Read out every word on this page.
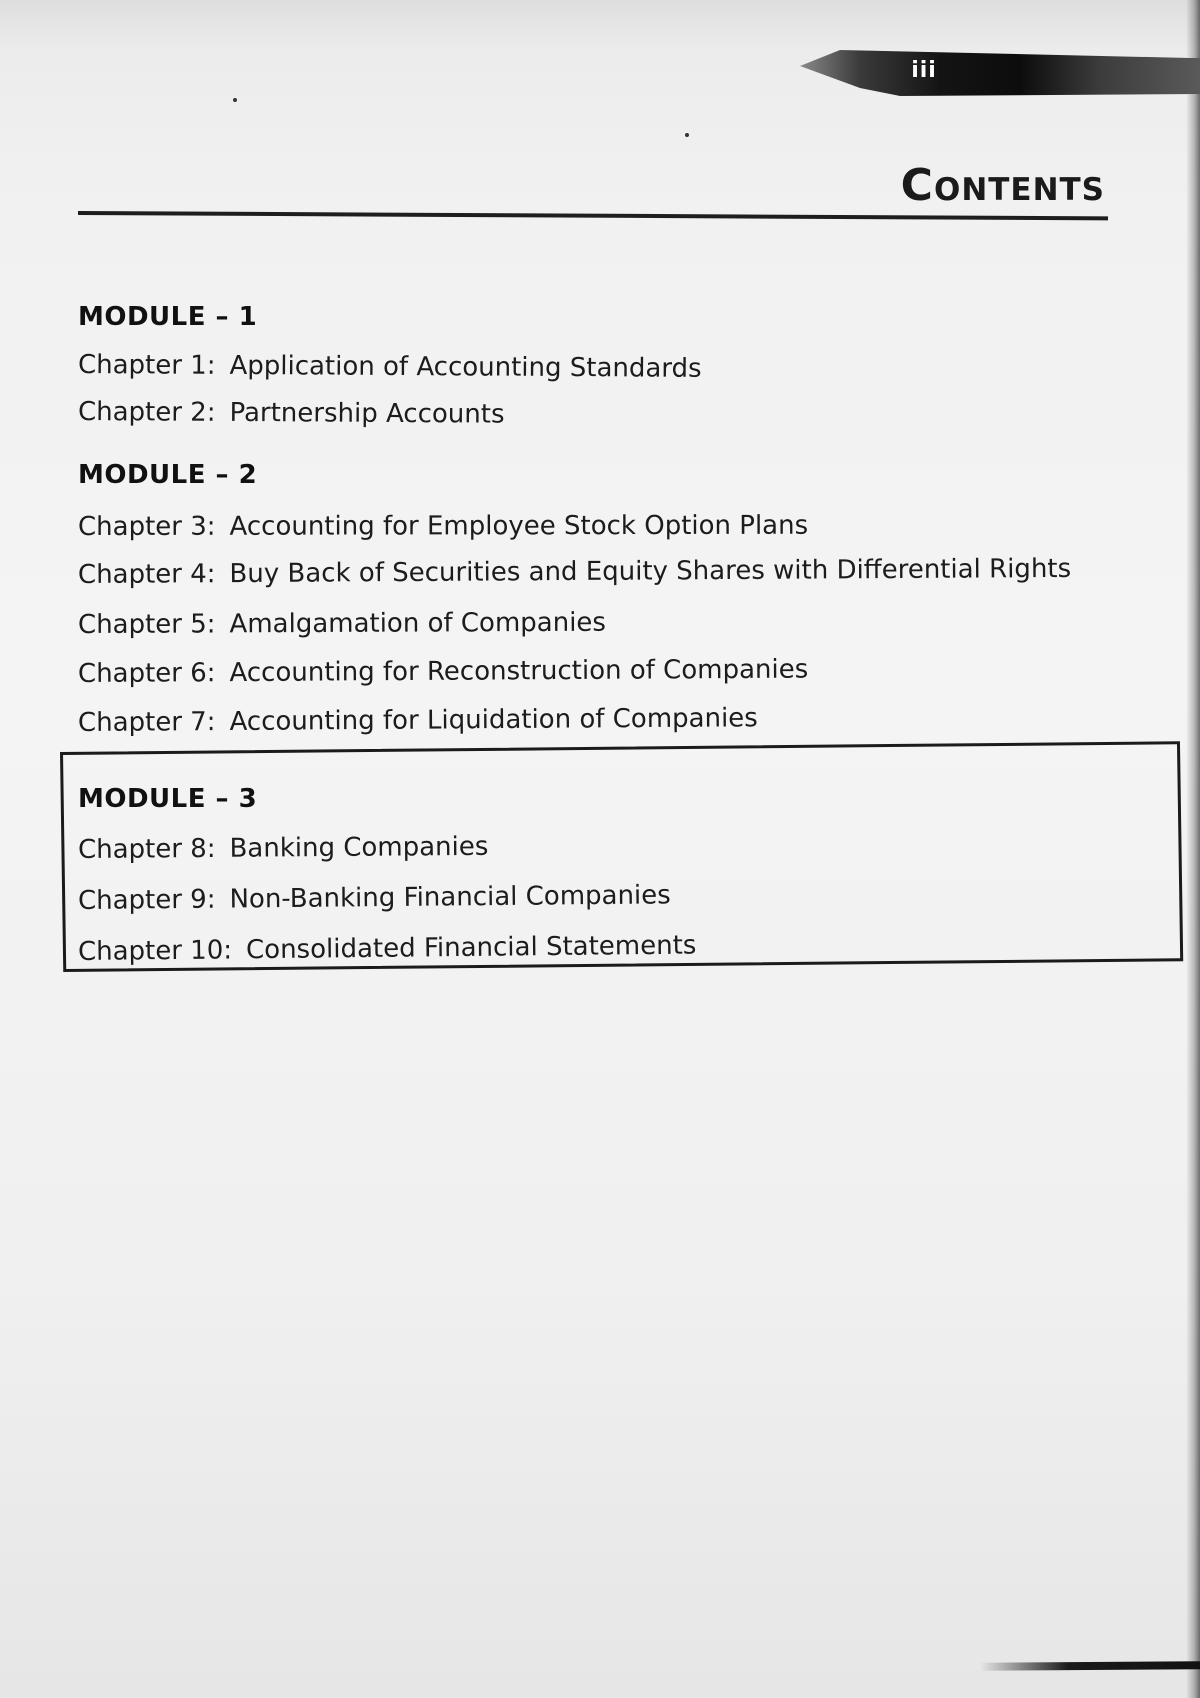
iii
Contents

MODULE – 1

Chapter 1: Application of Accounting Standards

Chapter 2: Partnership Accounts

MODULE – 2

Chapter 3: Accounting for Employee Stock Option Plans

Chapter 4: Buy Back of Securities and Equity Shares with Differential Rights

Chapter 5: Amalgamation of Companies

Chapter 6: Accounting for Reconstruction of Companies

Chapter 7: Accounting for Liquidation of Companies

MODULE – 3

Chapter 8: Banking Companies

Chapter 9: Non-Banking Financial Companies

Chapter 10: Consolidated Financial Statements
